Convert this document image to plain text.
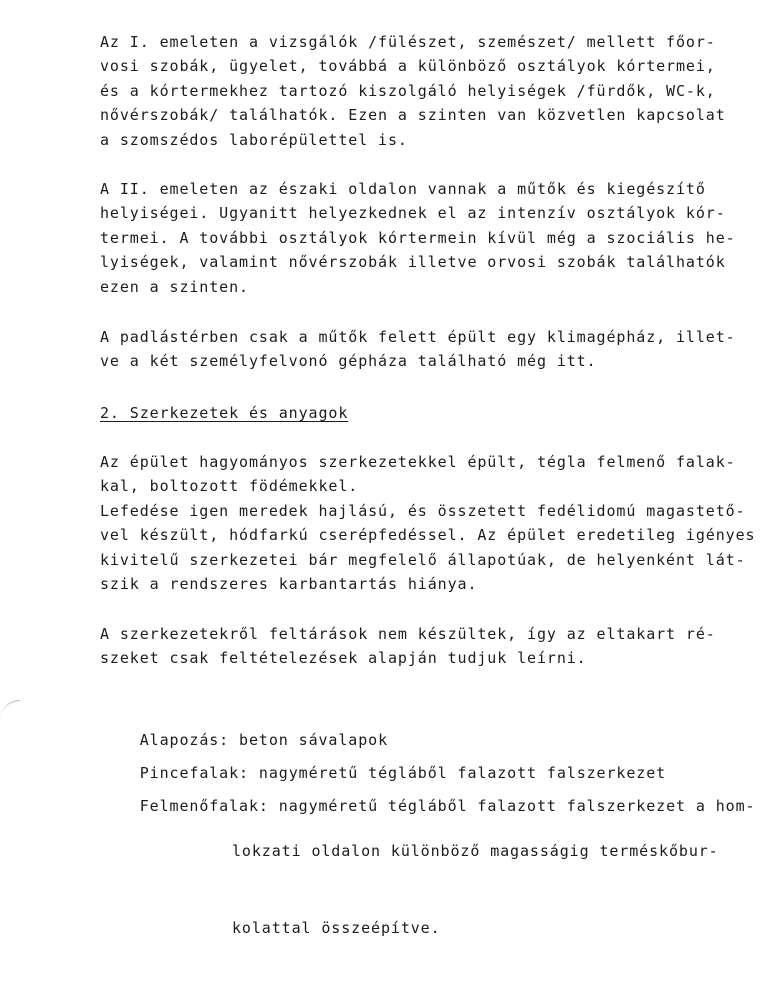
Az I. emeleten a vizsgálók /fülészet, szemészet/ mellett főor-
vosi szobák, ügyelet, továbbá a különböző osztályok kórtermei,
és a kórtermekhez tartozó kiszolgáló helyiségek /fürdők, WC-k,
nővérszobák/ találhatók. Ezen a szinten van közvetlen kapcsolat
a szomszédos laborépülettel is.
A II. emeleten az északi oldalon vannak a műtők és kiegészítő
helyiségei. Ugyanitt helyezkednek el az intenzív osztályok kór-
termei. A további osztályok kórtermein kívül még a szociális he-
lyiségek, valamint nővérszobák illetve orvosi szobák találhatók
ezen a szinten.
A padlástérben csak a műtők felett épült egy klimagépház, illet-
ve a két személyfelvonó gépháza található még itt.
2. Szerkezetek és anyagok
Az épület hagyományos szerkezetekkel épült, tégla felmenő falak-
kal, boltozott födémekkel.
Lefedése igen meredek hajlású, és összetett fedélidomú magastető-
vel készült, hódfarkú cserépfedéssel. Az épület eredetileg igényes
kivitelű szerkezetei bár megfelelő állapotúak, de helyenként lát-
szik a rendszeres karbantartás hiánya.
A szerkezetekről feltárások nem készültek, így az eltakart ré-
szeket csak feltételezések alapján tudjuk leírni.

Alapozás: beton sávalapok

Pincefalak: nagyméretű tégláből falazott falszerkezet

Felmenőfalak: nagyméretű tégláből falazott falszerkezet a hom-

lokzati oldalon különböző magasságig terméskőbur-

kolattal összeépítve.
